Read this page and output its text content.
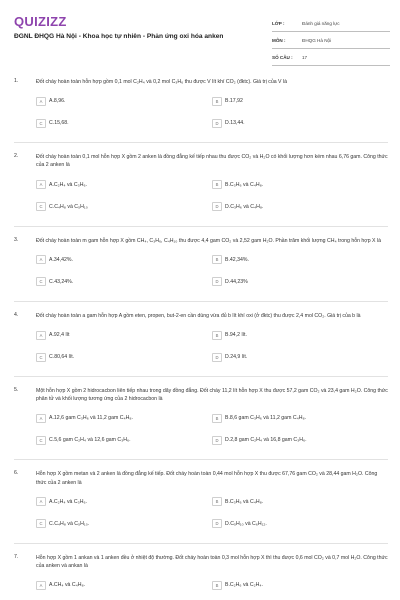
QUIZIZZ
ĐGNL ĐHQG Hà Nội - Khoa học tự nhiên - Phản ứng oxi hóa anken
LỚP :	Đánh giá năng lực
MÔN :	ĐHQG Hà Nội
SỐ CÂU :	17
1.	Đốt cháy hoàn toàn hỗn hợp gồm 0,1 mol C₂H₄ và 0,2 mol C₃H₆ thu được V lít khí CO₂ (đktc). Giá trị của V là
A	A.8,96.	B	B.17,92
C	C.15,68.	D	D.13,44.
2.	Đốt cháy hoàn toàn 0,1 mol hỗn hợp X gồm 2 anken là đồng đẳng kế tiếp nhau thu được CO₂ và H₂O có khối lượng hơn kém nhau 6,76 gam. Công thức của 2 anken là
A	A.C₂H₄ và C₃H₆.	B	B.C₃H₆ và C₄H₈.
C	C.C₄H₈ và C₅H₁₀	D	D.C₃H₆ và C₄H₈.
3.	Đốt cháy hoàn toàn m gam hỗn hợp X gồm CH₄, C₃H₆, C₄H₁₀ thu được 4,4 gam CO₂ và 2,52 gam H₂O. Phần trăm khối lượng CH₄ trong hỗn hợp X là
A	A.34,42%.	B	B.42,34%.
C	C.43,24%.	D	D.44,23%
4.	Đốt cháy hoàn toàn a gam hỗn hợp A gồm eten, propen, but-2-en cần dùng vừa đủ b lít khí oxi (ở đktc) thu được 2,4 mol CO₂. Giá trị của b là
A	A.92,4 lít	B	B.94,2 lít.
C	C.80,64 lít.	D	D.24,9 lít.
5.	Một hỗn hợp X gồm 2 hidrocacbon liên tiếp nhau trong dãy đồng đẳng. Đốt cháy 11,2 lít hỗn hợp X thu được 57,2 gam CO₂ và 23,4 gam H₂O. Công thức phân tử và khối lượng tương ứng của 2 hidrocacbon là
A	A.12,6 gam C₃H₆ và 11,2 gam C₄H₈.	B	B.8,6 gam C₃H₆ và 11,2 gam C₄H₈.
C	C.5,6 gam C₂H₄ và 12,6 gam C₃H₆.	D	D.2,8 gam C₂H₄ và 16,8 gam C₃H₆.
6.	Hỗn hợp X gồm metan và 2 anken là đồng đẳng kế tiếp. Đốt cháy hoàn toàn 0,44 mol hỗn hợp X thu được 67,76 gam CO₂ và 28,44 gam H₂O. Công thức của 2 anken là
A	A.C₂H₄ và C₃H₆.	B	B.C₃H₆ và C₄H₈.
C	C.C₄H₈ và C₅H₁₀.	D	D.C₅H₁₀ và C₆H₁₂.
7.	Hỗn hợp X gồm 1 ankan và 1 anken đều ở nhiệt độ thường. Đốt cháy hoàn toàn 0,3 mol hỗn hợp X thì thu được 0,6 mol CO₂ và 0,7 mol H₂O. Công thức của anken và ankan là
A	A.CH₄ và C₄H₈.	B	B.C₂H₆ và C₂H₄.
